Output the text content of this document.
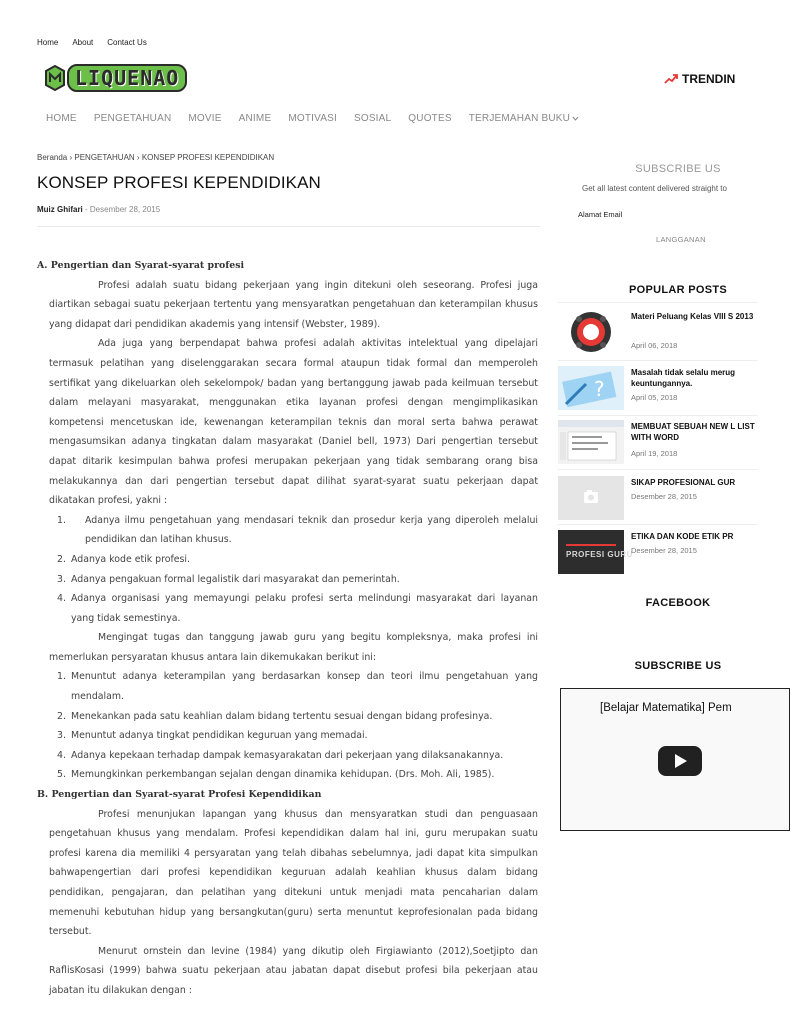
Home About Contact Us
LIQUENAO	TRENDIN
HOME PENGETAHUAN MOVIE ANIME MOTIVASI SOSIAL QUOTES TERJEMAHAN BUKU
Beranda › PENGETAHUAN › KONSEP PROFESI KEPENDIDIKAN
KONSEP PROFESI KEPENDIDIKAN
Muiz Ghifari - Desember 28, 2015
A. Pengertian dan Syarat-syarat profesi
Profesi adalah suatu bidang pekerjaan yang ingin ditekuni oleh seseorang. Profesi juga diartikan sebagai suatu pekerjaan tertentu yang mensyaratkan pengetahuan dan keterampilan khusus yang didapat dari pendidikan akademis yang intensif (Webster, 1989).
Ada juga yang berpendapat bahwa profesi adalah aktivitas intelektual yang dipelajari termasuk pelatihan yang diselenggarakan secara formal ataupun tidak formal dan memperoleh sertifikat yang dikeluarkan oleh sekelompok/ badan yang bertanggung jawab pada keilmuan tersebut dalam melayani masyarakat, menggunakan etika layanan profesi dengan mengimplikasikan kompetensi mencetuskan ide, kewenangan keterampilan teknis dan moral serta bahwa perawat mengasumsikan adanya tingkatan dalam masyarakat (Daniel bell, 1973) Dari pengertian tersebut dapat ditarik kesimpulan bahwa profesi merupakan pekerjaan yang tidak sembarang orang bisa melakukannya dan dari pengertian tersebut dapat dilihat syarat-syarat suatu pekerjaan dapat dikatakan profesi, yakni :
1.	Adanya ilmu pengetahuan yang mendasari teknik dan prosedur kerja yang diperoleh melalui pendidikan dan latihan khusus.
2. Adanya kode etik profesi.
3. Adanya pengakuan formal legalistik dari masyarakat dan pemerintah.
4. Adanya organisasi yang memayungi pelaku profesi serta melindungi masyarakat dari layanan yang tidak semestinya.
Mengingat tugas dan tanggung jawab guru yang begitu kompleksnya, maka profesi ini memerlukan persyaratan khusus antara lain dikemukakan berikut ini:
1. Menuntut adanya keterampilan yang berdasarkan konsep dan teori ilmu pengetahuan yang mendalam.
2. Menekankan pada satu keahlian dalam bidang tertentu sesuai dengan bidang profesinya.
3. Menuntut adanya tingkat pendidikan keguruan yang memadai.
4. Adanya kepekaan terhadap dampak kemasyarakatan dari pekerjaan yang dilaksanakannya.
5. Memungkinkan perkembangan sejalan dengan dinamika kehidupan. (Drs. Moh. Ali, 1985).
B. Pengertian dan Syarat-syarat Profesi Kependidikan
Profesi menunjukan lapangan yang khusus dan mensyaratkan studi dan penguasaan pengetahuan khusus yang mendalam. Profesi kependidikan dalam hal ini, guru merupakan suatu profesi karena dia memiliki 4 persyaratan yang telah dibahas sebelumnya, jadi dapat kita simpulkan bahwapengertian dari profesi kependidikan keguruan adalah keahlian khusus dalam bidang pendidikan, pengajaran, dan pelatihan yang ditekuni untuk menjadi mata pencaharian dalam memenuhi kebutuhan hidup yang bersangkutan(guru) serta menuntut keprofesionalan pada bidang tersebut.
Menurut ornstein dan levine (1984) yang dikutip oleh Firgiawianto (2012),Soetjipto dan RaflisKosasi (1999) bahwa suatu pekerjaan atau jabatan dapat disebut profesi bila pekerjaan atau jabatan itu dilakukan dengan :
SUBSCRIBE US
Get all latest content delivered straight to
Alamat Email
LANGGANAN
POPULAR POSTS
Materi Peluang Kelas VIII S 2013
April 06, 2018
?
Masalah tidak selalu merug keuntungannya.
April 05, 2018
MEMBUAT SEBUAH NEW L LIST WITH WORD
April 19, 2018
SIKAP PROFESIONAL GUR
Desember 28, 2015
PROFESI GURU
ETIKA DAN KODE ETIK PR
Desember 28, 2015
FACEBOOK
SUBSCRIBE US
[Belajar Matematika] Pem
